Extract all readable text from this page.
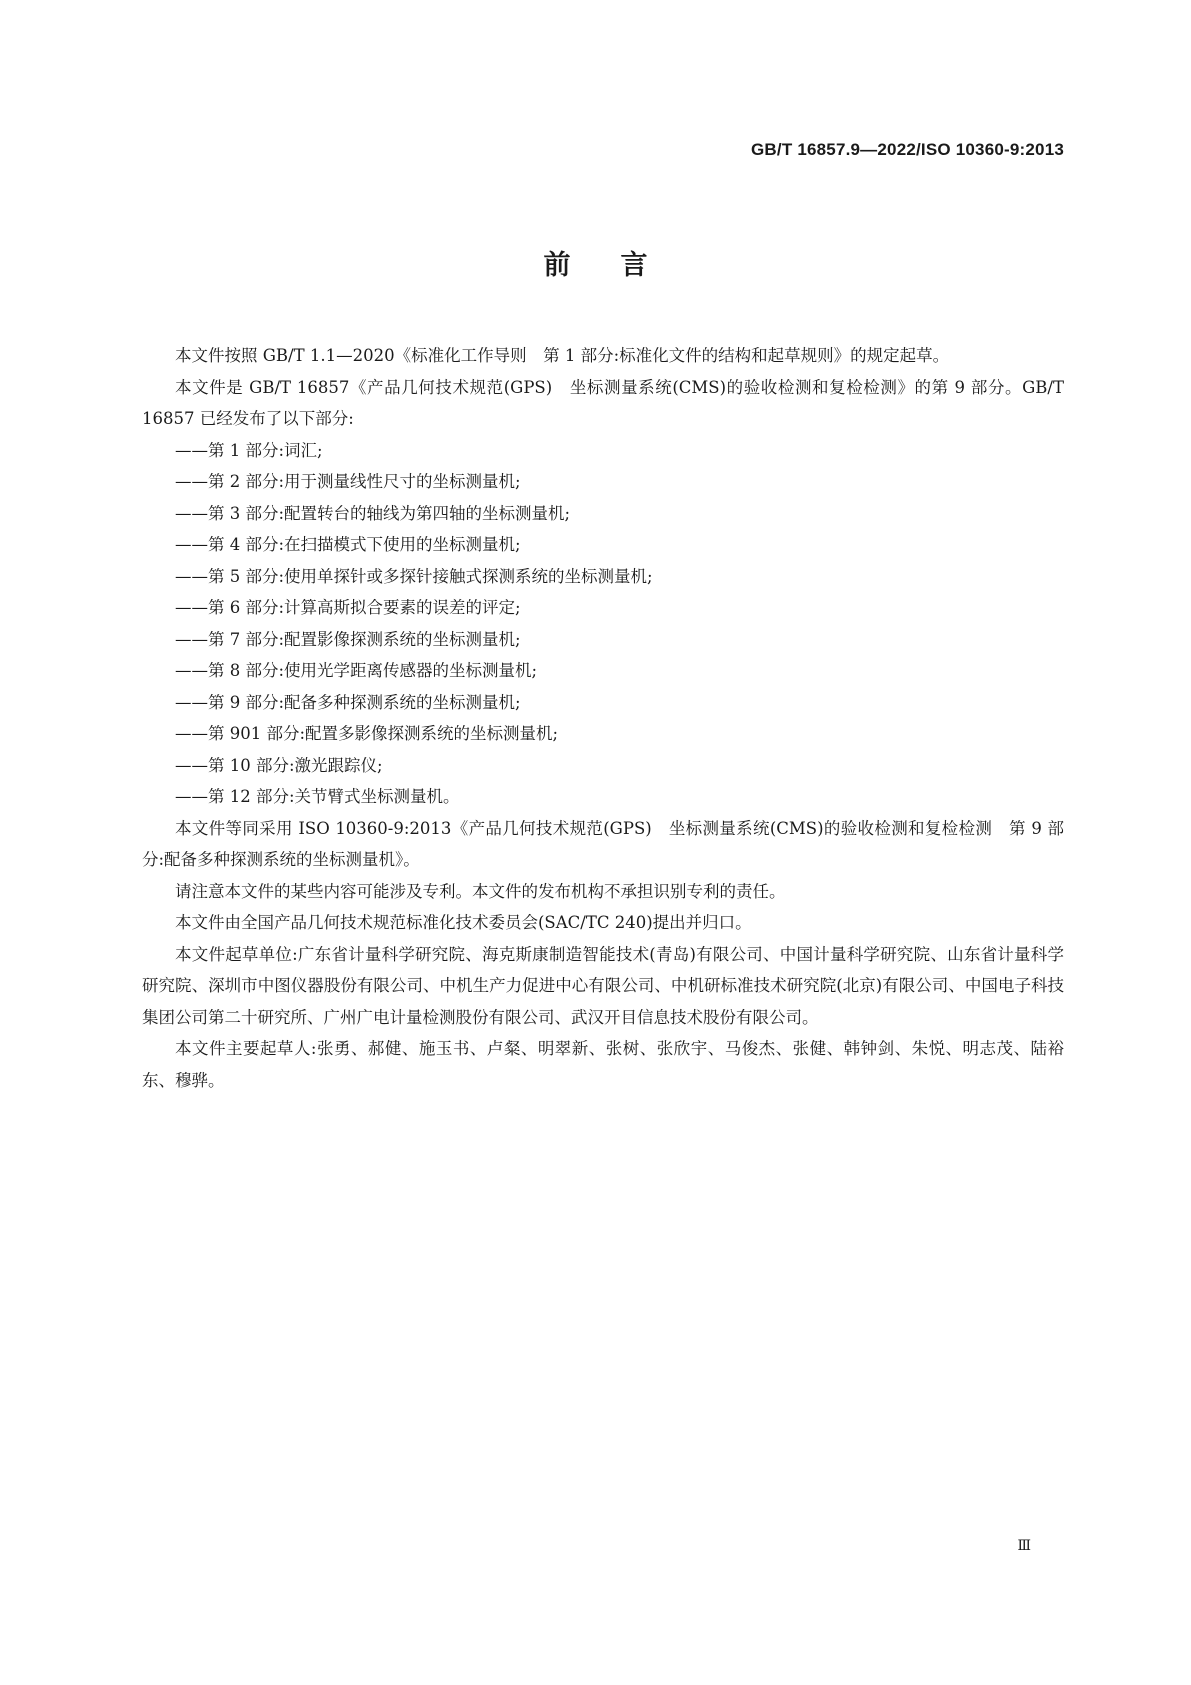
GB/T 16857.9—2022/ISO 10360-9:2013
前言

本文件按照 GB/T 1.1—2020《标准化工作导则　第 1 部分:标准化文件的结构和起草规则》的规定起草。

本文件是 GB/T 16857《产品几何技术规范(GPS)　坐标测量系统(CMS)的验收检测和复检检测》的第 9 部分。GB/T 16857 已经发布了以下部分:

——第 1 部分:词汇;

——第 2 部分:用于测量线性尺寸的坐标测量机;

——第 3 部分:配置转台的轴线为第四轴的坐标测量机;

——第 4 部分:在扫描模式下使用的坐标测量机;

——第 5 部分:使用单探针或多探针接触式探测系统的坐标测量机;

——第 6 部分:计算高斯拟合要素的误差的评定;

——第 7 部分:配置影像探测系统的坐标测量机;

——第 8 部分:使用光学距离传感器的坐标测量机;

——第 9 部分:配备多种探测系统的坐标测量机;

——第 901 部分:配置多影像探测系统的坐标测量机;

——第 10 部分:激光跟踪仪;

——第 12 部分:关节臂式坐标测量机。

本文件等同采用 ISO 10360-9:2013《产品几何技术规范(GPS)　坐标测量系统(CMS)的验收检测和复检检测　第 9 部分:配备多种探测系统的坐标测量机》。

请注意本文件的某些内容可能涉及专利。本文件的发布机构不承担识别专利的责任。

本文件由全国产品几何技术规范标准化技术委员会(SAC/TC 240)提出并归口。

本文件起草单位:广东省计量科学研究院、海克斯康制造智能技术(青岛)有限公司、中国计量科学研究院、山东省计量科学研究院、深圳市中图仪器股份有限公司、中机生产力促进中心有限公司、中机研标准技术研究院(北京)有限公司、中国电子科技集团公司第二十研究所、广州广电计量检测股份有限公司、武汉开目信息技术股份有限公司。

本文件主要起草人:张勇、郝健、施玉书、卢粲、明翠新、张树、张欣宇、马俊杰、张健、韩钟剑、朱悦、明志茂、陆裕东、穆骅。

Ⅲ
